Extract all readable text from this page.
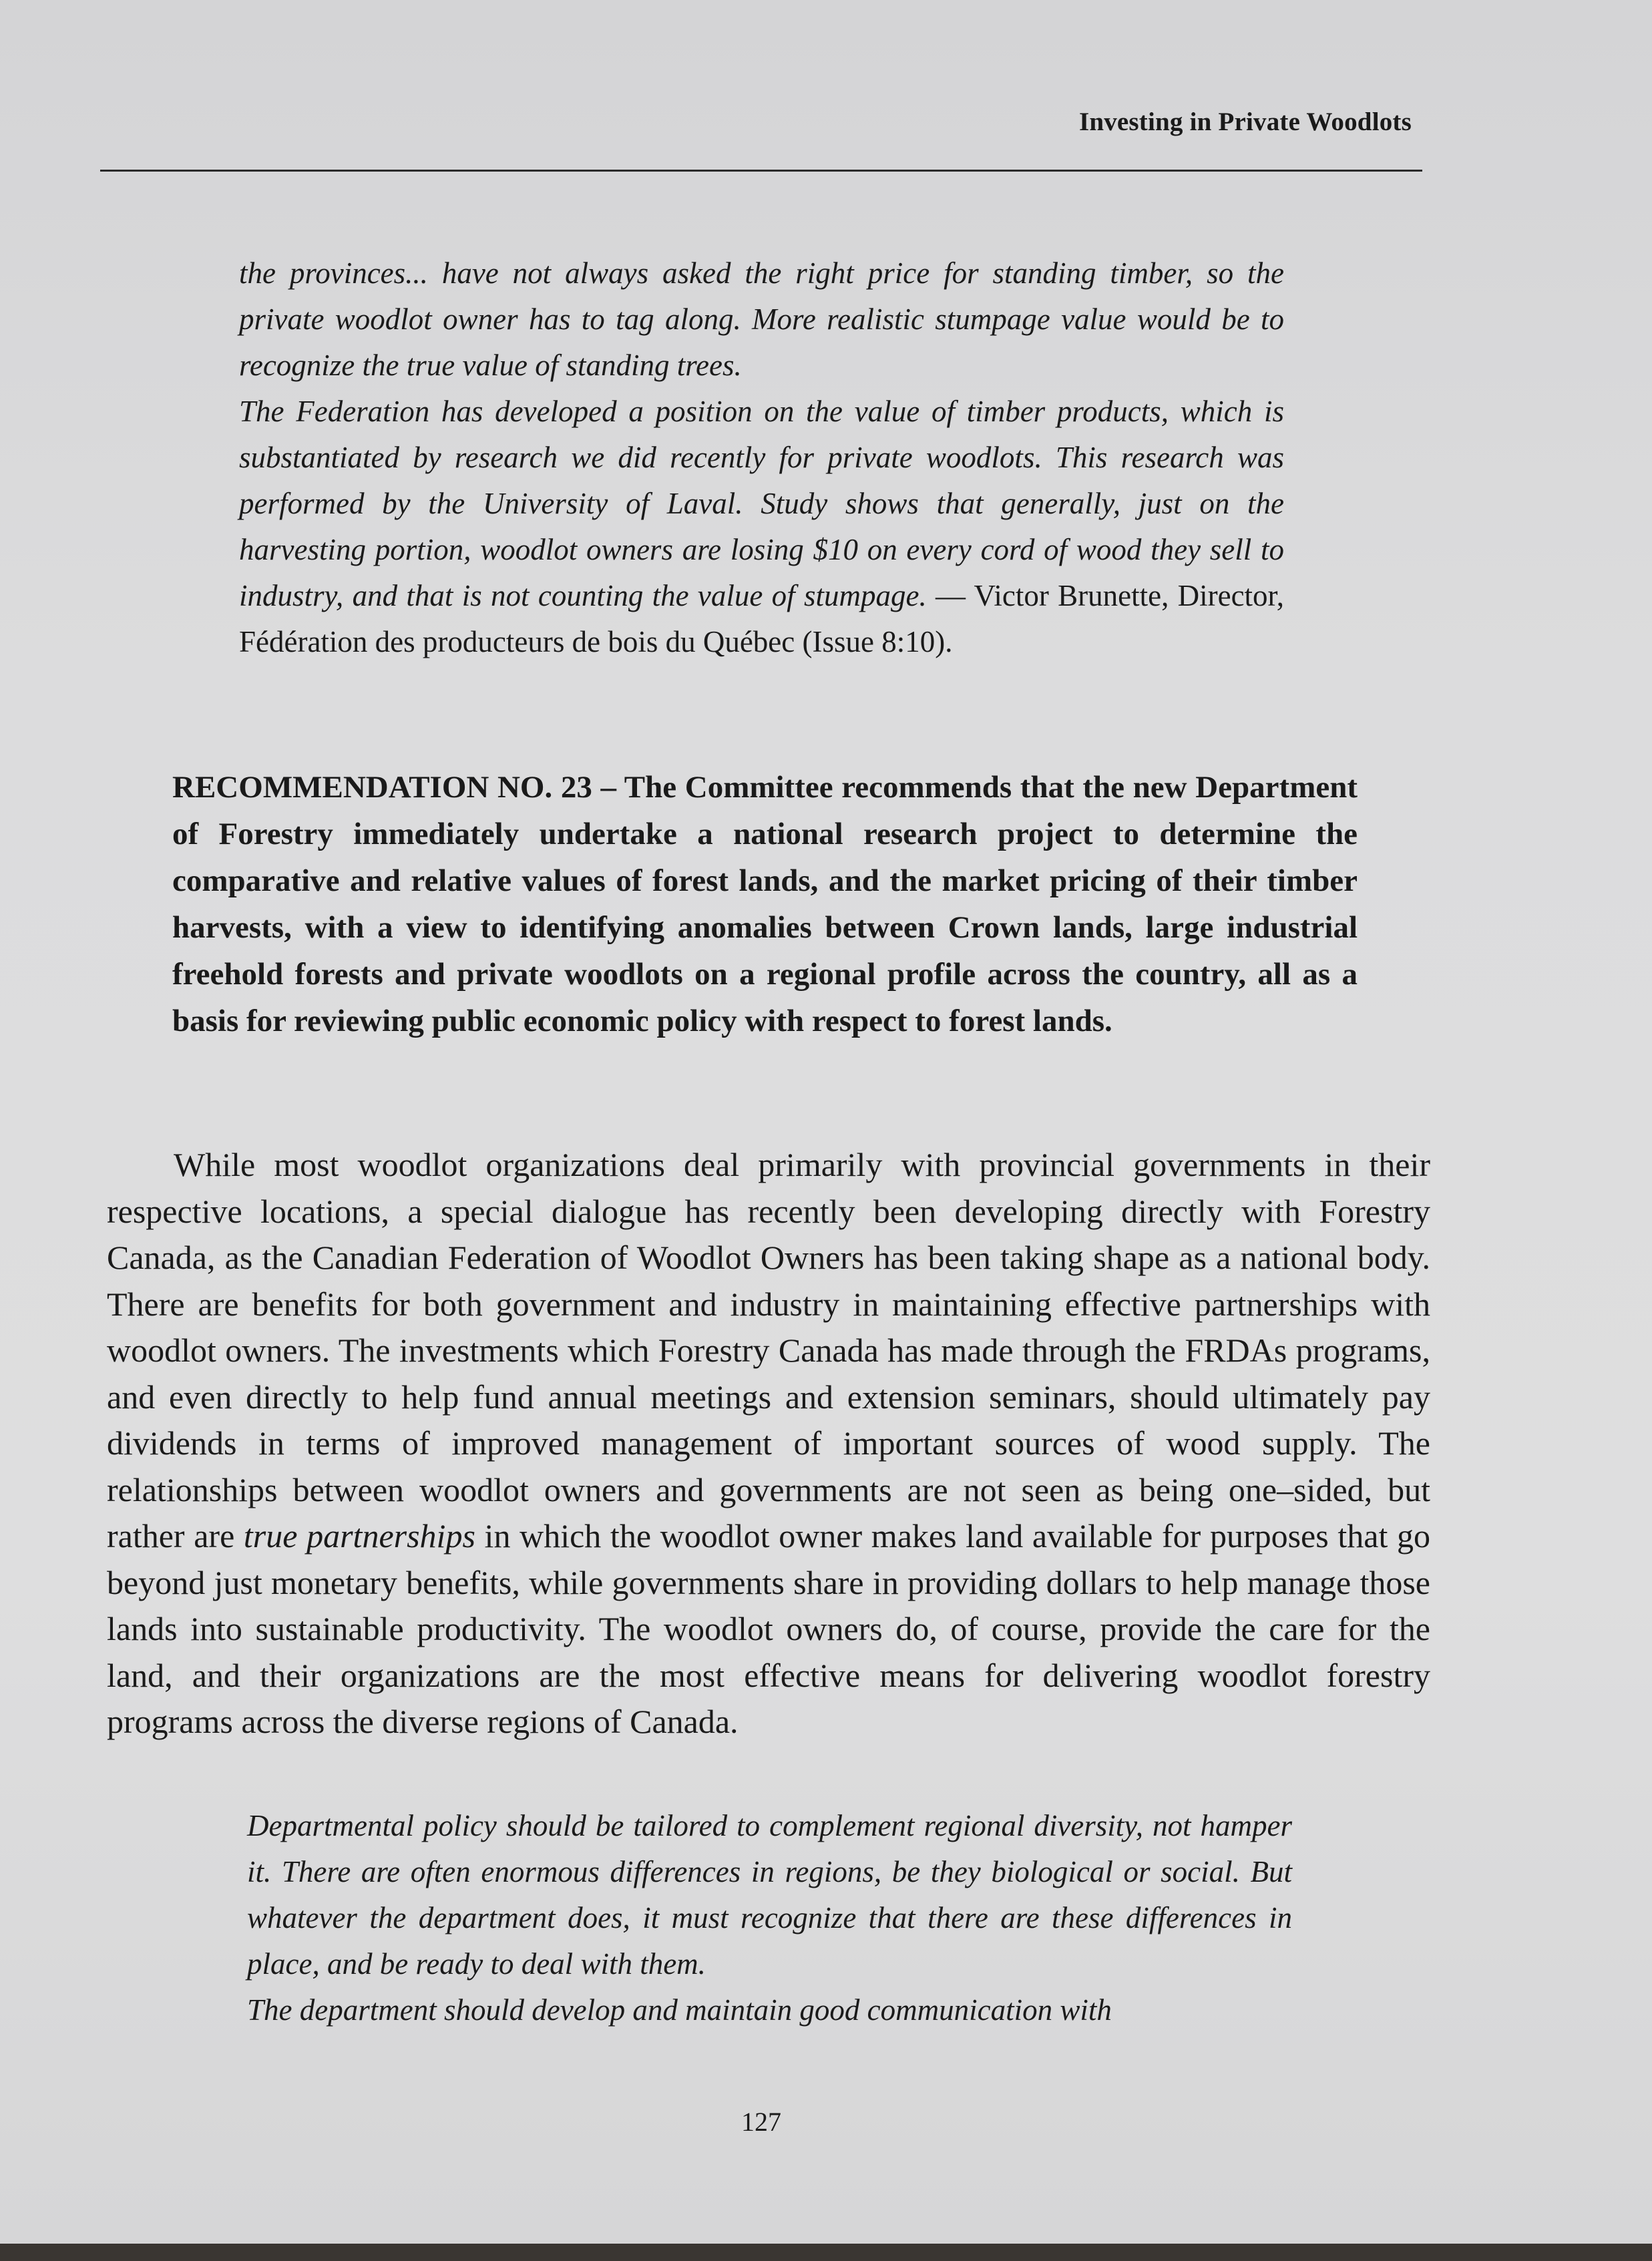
Investing in Private Woodlots

the provinces... have not always asked the right price for standing timber, so the private woodlot owner has to tag along. More realistic stumpage value would be to recognize the true value of standing trees.

The Federation has developed a position on the value of timber products, which is substantiated by research we did recently for private woodlots. This research was performed by the University of Laval. Study shows that generally, just on the harvesting portion, woodlot owners are losing $10 on every cord of wood they sell to industry, and that is not counting the value of stumpage. — Victor Brunette, Director, Fédération des producteurs de bois du Québec (Issue 8:10).

RECOMMENDATION NO. 23 – The Committee recommends that the new Department of Forestry immediately undertake a national research project to determine the comparative and relative values of forest lands, and the market pricing of their timber harvests, with a view to identifying anomalies between Crown lands, large industrial freehold forests and private woodlots on a regional profile across the country, all as a basis for reviewing public economic policy with respect to forest lands.

While most woodlot organizations deal primarily with provincial governments in their respective locations, a special dialogue has recently been developing directly with Forestry Canada, as the Canadian Federation of Woodlot Owners has been taking shape as a national body. There are benefits for both government and industry in maintaining effective partnerships with woodlot owners. The investments which Forestry Canada has made through the FRDAs programs, and even directly to help fund annual meetings and extension seminars, should ultimately pay dividends in terms of improved management of important sources of wood supply. The relationships between woodlot owners and governments are not seen as being one–sided, but rather are true partnerships in which the woodlot owner makes land available for purposes that go beyond just monetary benefits, while governments share in providing dollars to help manage those lands into sustainable productivity. The woodlot owners do, of course, provide the care for the land, and their organizations are the most effective means for delivering woodlot forestry programs across the diverse regions of Canada.

Departmental policy should be tailored to complement regional diversity, not hamper it. There are often enormous differences in regions, be they biological or social. But whatever the department does, it must recognize that there are these differences in place, and be ready to deal with them.

The department should develop and maintain good communication with

127
